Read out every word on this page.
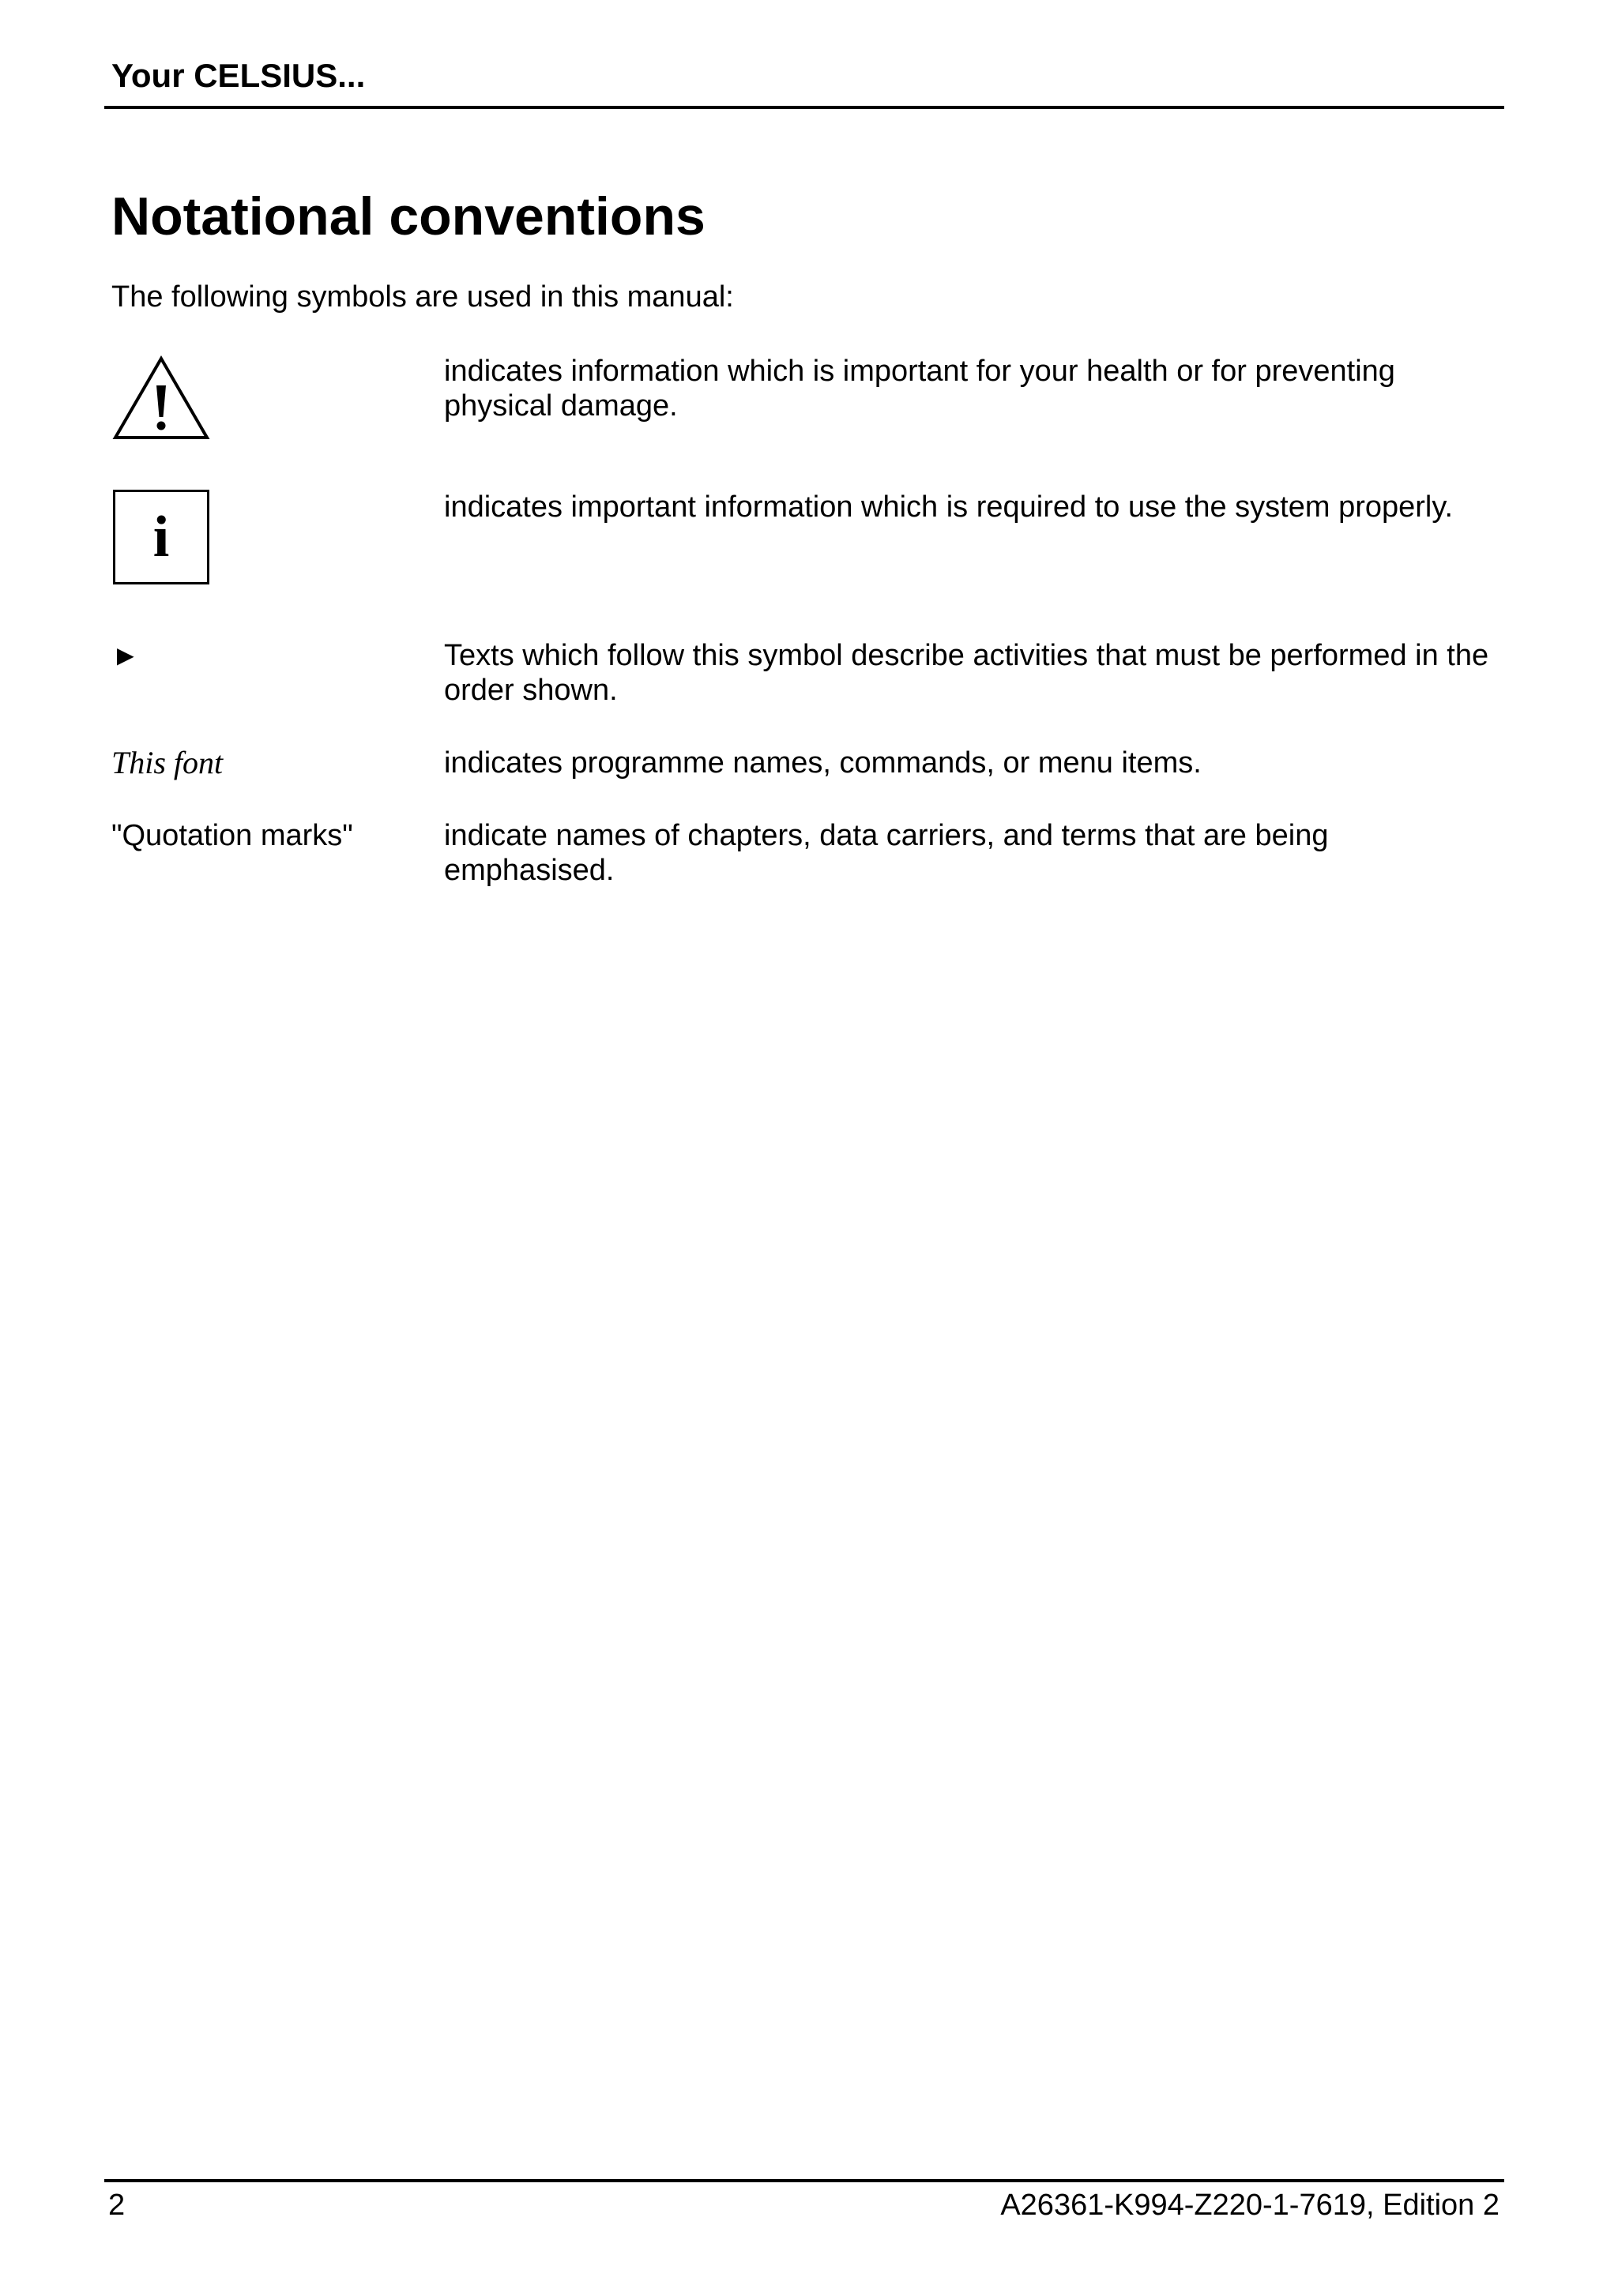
Your CELSIUS...
Notational conventions

The following symbols are used in this manual:

indicates information which is important for your health or for preventing physical damage.
i	indicates important information which is required to use the system properly.
►	Texts which follow this symbol describe activities that must be performed in the order shown.
This font	indicates programme names, commands, or menu items.
"Quotation marks"	indicate names of chapters, data carriers, and terms that are being emphasised.
2	A26361-K994-Z220-1-7619, Edition 2
